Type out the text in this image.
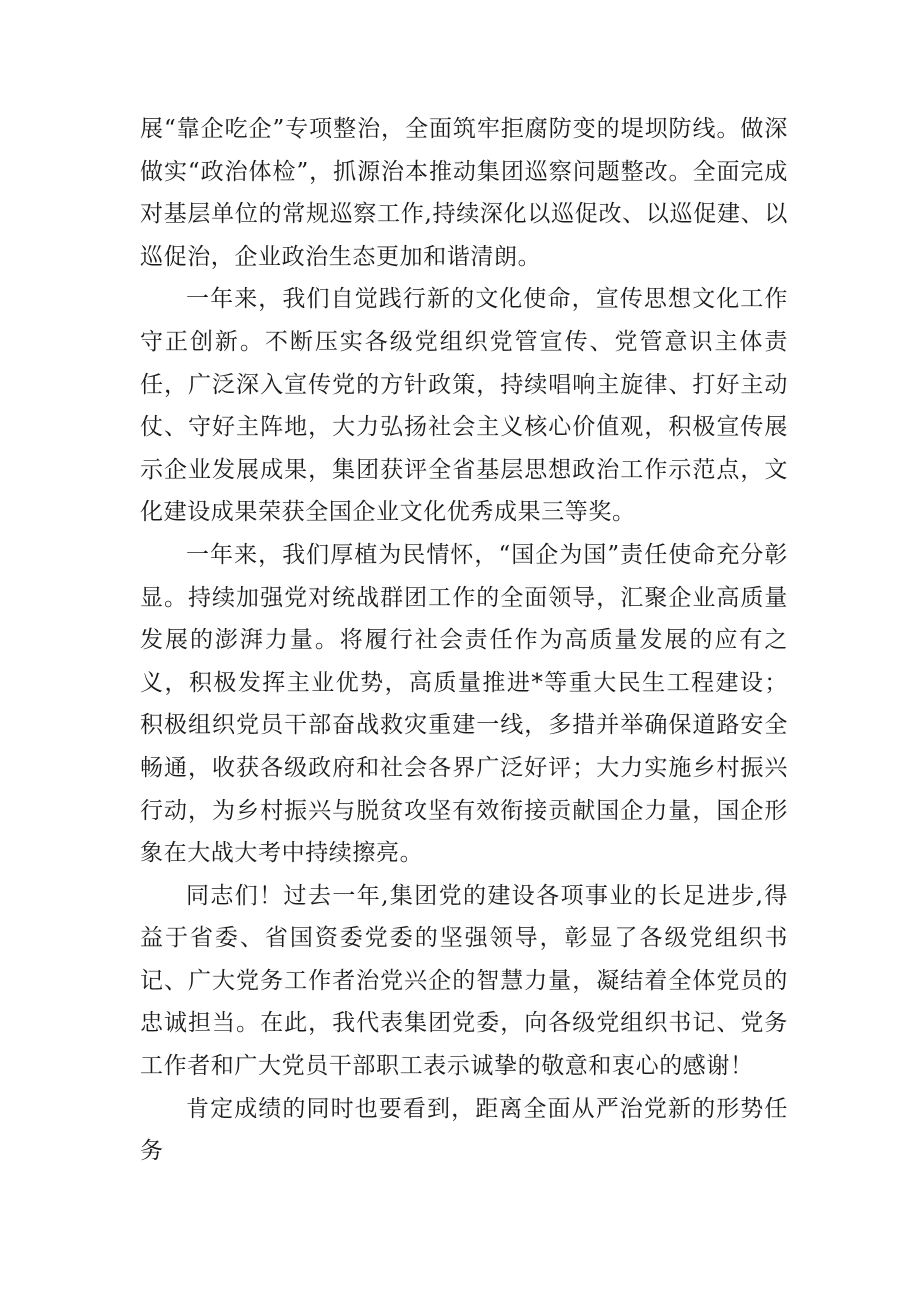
展“靠企吃企”专项整治，全面筑牢拒腐防变的堤坝防线。做深做实“政治体检”，抓源治本推动集团巡察问题整改。全面完成对基层单位的常规巡察工作,持续深化以巡促改、以巡促建、以巡促治，企业政治生态更加和谐清朗。

一年来，我们自觉践行新的文化使命，宣传思想文化工作守正创新。不断压实各级党组织党管宣传、党管意识主体责任，广泛深入宣传党的方针政策，持续唱响主旋律、打好主动仗、守好主阵地，大力弘扬社会主义核心价值观，积极宣传展示企业发展成果，集团获评全省基层思想政治工作示范点，文化建设成果荣获全国企业文化优秀成果三等奖。

一年来，我们厚植为民情怀，“国企为国”责任使命充分彰显。持续加强党对统战群团工作的全面领导，汇聚企业高质量发展的澎湃力量。将履行社会责任作为高质量发展的应有之义，积极发挥主业优势，高质量推进*等重大民生工程建设；积极组织党员干部奋战救灾重建一线，多措并举确保道路安全畅通，收获各级政府和社会各界广泛好评；大力实施乡村振兴行动，为乡村振兴与脱贫攻坚有效衔接贡献国企力量，国企形象在大战大考中持续擦亮。

同志们！过去一年,集团党的建设各项事业的长足进步,得益于省委、省国资委党委的坚强领导，彰显了各级党组织书记、广大党务工作者治党兴企的智慧力量，凝结着全体党员的忠诚担当。在此，我代表集团党委，向各级党组织书记、党务工作者和广大党员干部职工表示诚挚的敬意和衷心的感谢！

肯定成绩的同时也要看到，距离全面从严治党新的形势任务
